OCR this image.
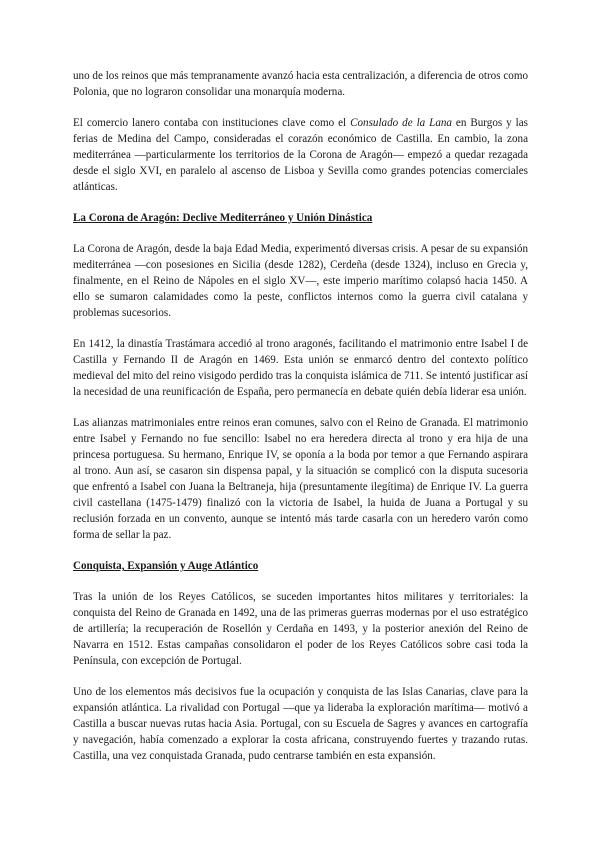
uno de los reinos que más tempranamente avanzó hacia esta centralización, a diferencia de otros como Polonia, que no lograron consolidar una monarquía moderna.

El comercio lanero contaba con instituciones clave como el Consulado de la Lana en Burgos y las ferias de Medina del Campo, consideradas el corazón económico de Castilla. En cambio, la zona mediterránea —particularmente los territorios de la Corona de Aragón— empezó a quedar rezagada desde el siglo XVI, en paralelo al ascenso de Lisboa y Sevilla como grandes potencias comerciales atlánticas.

La Corona de Aragón: Declive Mediterráneo y Unión Dinástica

La Corona de Aragón, desde la baja Edad Media, experimentó diversas crisis. A pesar de su expansión mediterránea —con posesiones en Sicilia (desde 1282), Cerdeña (desde 1324), incluso en Grecia y, finalmente, en el Reino de Nápoles en el siglo XV—, este imperio marítimo colapsó hacia 1450. A ello se sumaron calamidades como la peste, conflictos internos como la guerra civil catalana y problemas sucesorios.

En 1412, la dinastía Trastámara accedió al trono aragonés, facilitando el matrimonio entre Isabel I de Castilla y Fernando II de Aragón en 1469. Esta unión se enmarcó dentro del contexto político medieval del mito del reino visigodo perdido tras la conquista islámica de 711. Se intentó justificar así la necesidad de una reunificación de España, pero permanecía en debate quién debía liderar esa unión.

Las alianzas matrimoniales entre reinos eran comunes, salvo con el Reino de Granada. El matrimonio entre Isabel y Fernando no fue sencillo: Isabel no era heredera directa al trono y era hija de una princesa portuguesa. Su hermano, Enrique IV, se oponía a la boda por temor a que Fernando aspirara al trono. Aun así, se casaron sin dispensa papal, y la situación se complicó con la disputa sucesoria que enfrentó a Isabel con Juana la Beltraneja, hija (presuntamente ilegítima) de Enrique IV. La guerra civil castellana (1475-1479) finalizó con la victoria de Isabel, la huida de Juana a Portugal y su reclusión forzada en un convento, aunque se intentó más tarde casarla con un heredero varón como forma de sellar la paz.

Conquista, Expansión y Auge Atlántico

Tras la unión de los Reyes Católicos, se suceden importantes hitos militares y territoriales: la conquista del Reino de Granada en 1492, una de las primeras guerras modernas por el uso estratégico de artillería; la recuperación de Rosellón y Cerdaña en 1493, y la posterior anexión del Reino de Navarra en 1512. Estas campañas consolidaron el poder de los Reyes Católicos sobre casi toda la Península, con excepción de Portugal.

Uno de los elementos más decisivos fue la ocupación y conquista de las Islas Canarias, clave para la expansión atlántica. La rivalidad con Portugal —que ya lideraba la exploración marítima— motivó a Castilla a buscar nuevas rutas hacia Asia. Portugal, con su Escuela de Sagres y avances en cartografía y navegación, había comenzado a explorar la costa africana, construyendo fuertes y trazando rutas. Castilla, una vez conquistada Granada, pudo centrarse también en esta expansión.
